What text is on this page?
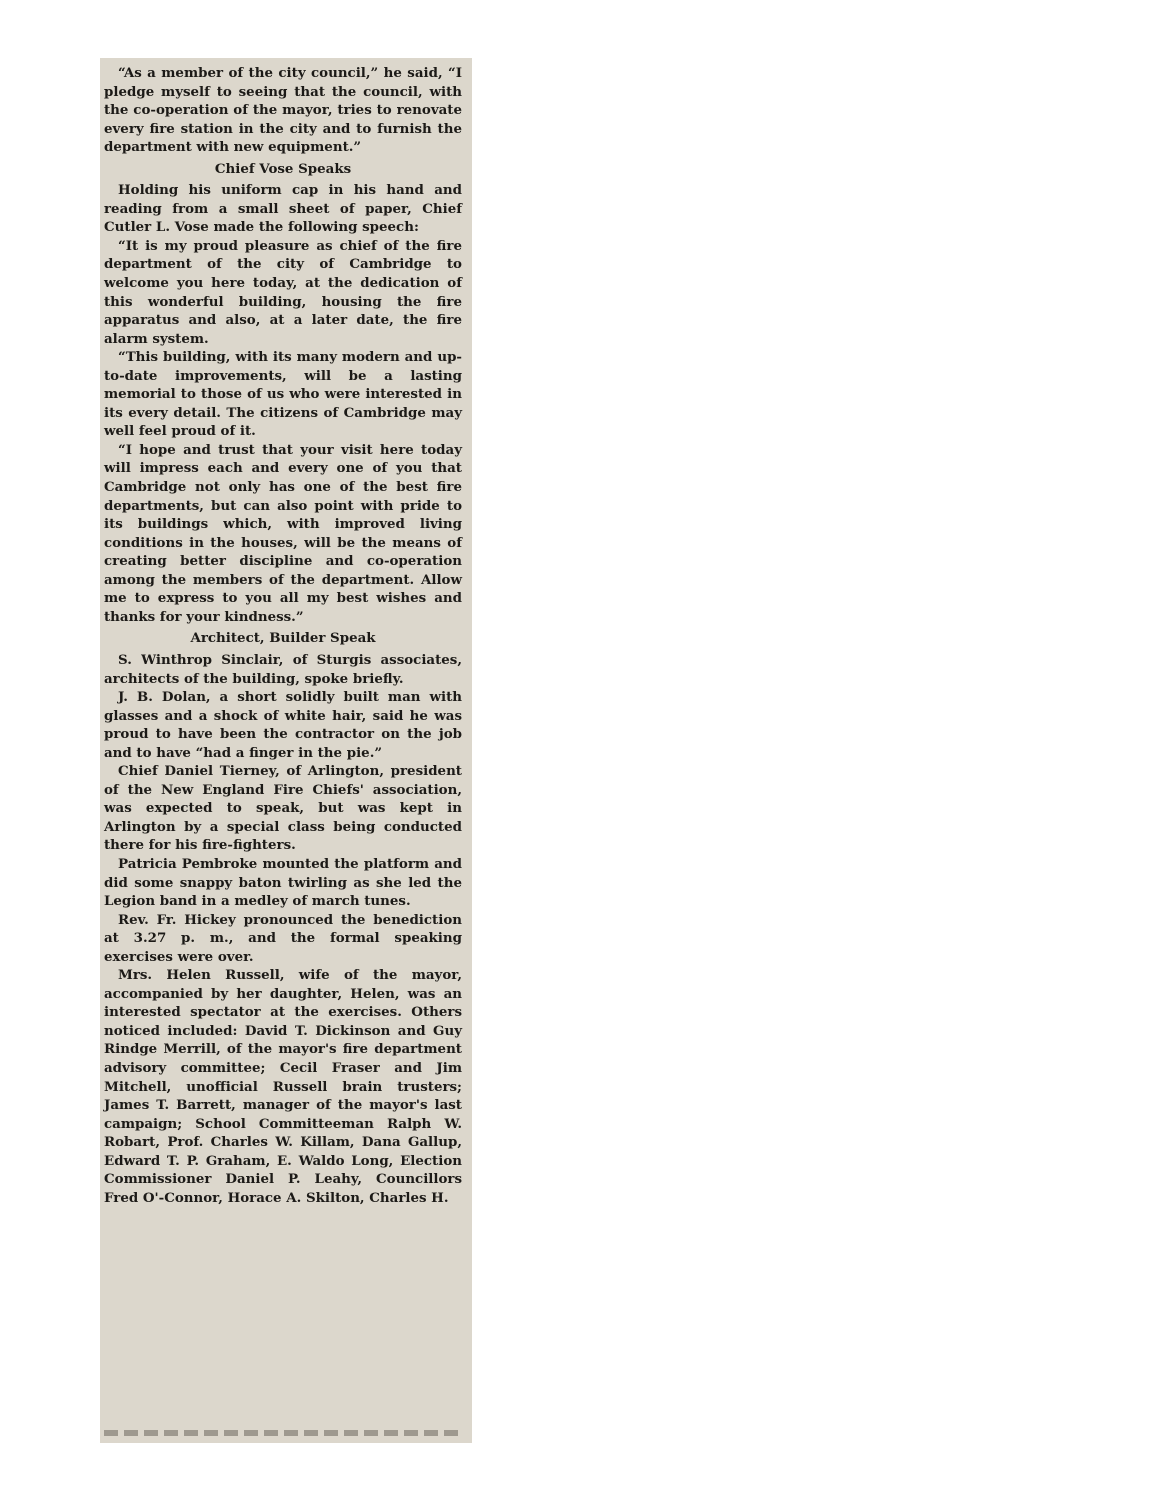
“As a member of the city council,” he said, “I pledge myself to seeing that the council, with the co-operation of the mayor, tries to renovate every fire station in the city and to furnish the department with new equipment.”

Chief Vose Speaks

Holding his uniform cap in his hand and reading from a small sheet of paper, Chief Cutler L. Vose made the following speech:

“It is my proud pleasure as chief of the fire department of the city of Cambridge to welcome you here today, at the dedication of this wonderful building, housing the fire apparatus and also, at a later date, the fire alarm system.

“This building, with its many modern and up-to-date improvements, will be a lasting memorial to those of us who were interested in its every detail. The citizens of Cambridge may well feel proud of it.

“I hope and trust that your visit here today will impress each and every one of you that Cambridge not only has one of the best fire departments, but can also point with pride to its buildings which, with improved living conditions in the houses, will be the means of creating better discipline and co-operation among the members of the department. Allow me to express to you all my best wishes and thanks for your kindness.”

Architect, Builder Speak

S. Winthrop Sinclair, of Sturgis associates, architects of the building, spoke briefly.

J. B. Dolan, a short solidly built man with glasses and a shock of white hair, said he was proud to have been the contractor on the job and to have “had a finger in the pie.”

Chief Daniel Tierney, of Arlington, president of the New England Fire Chiefs' association, was expected to speak, but was kept in Arlington by a special class being conducted there for his fire-fighters.

Patricia Pembroke mounted the platform and did some snappy baton twirling as she led the Legion band in a medley of march tunes.

Rev. Fr. Hickey pronounced the benediction at 3.27 p. m., and the formal speaking exercises were over.

Mrs. Helen Russell, wife of the mayor, accompanied by her daughter, Helen, was an interested spectator at the exercises. Others noticed included: David T. Dickinson and Guy Rindge Merrill, of the mayor's fire department advisory committee; Cecil Fraser and Jim Mitchell, unofficial Russell brain trusters; James T. Barrett, manager of the mayor's last campaign; School Committeeman Ralph W. Robart, Prof. Charles W. Killam, Dana Gallup, Edward T. P. Graham, E. Waldo Long, Election Commissioner Daniel P. Leahy, Councillors Fred O'-Connor, Horace A. Skilton, Charles H.
